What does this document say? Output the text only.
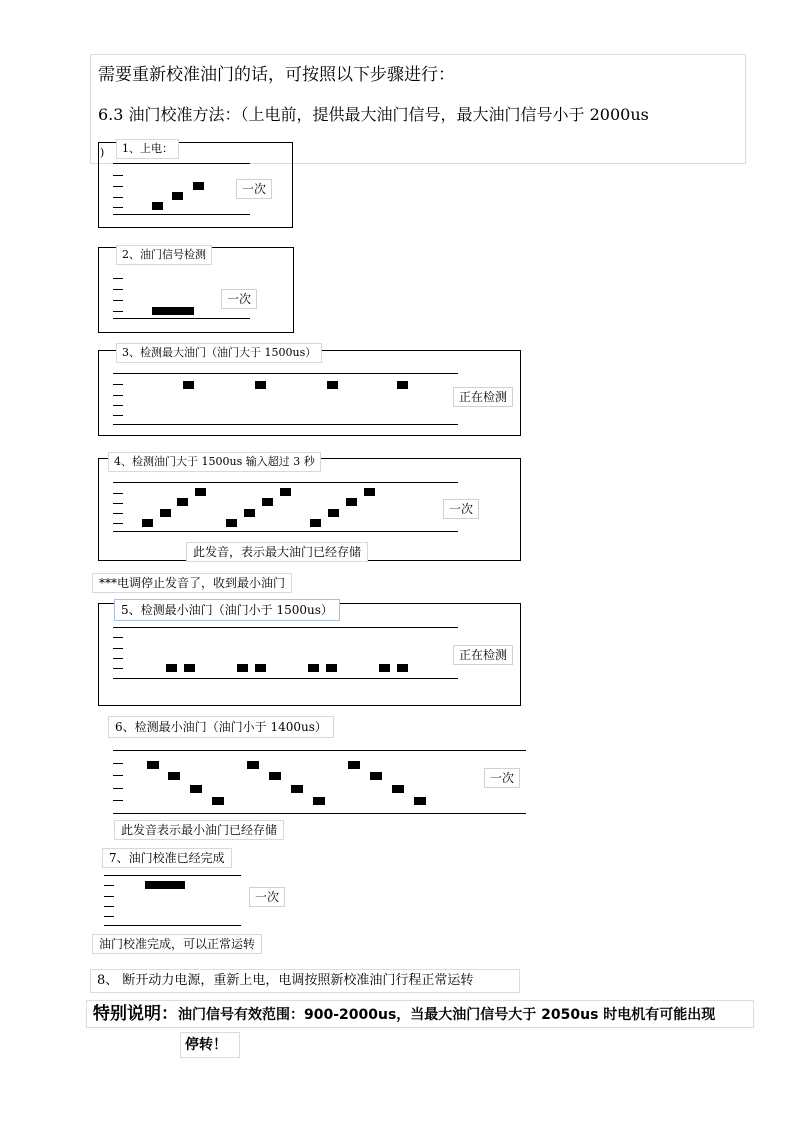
需要重新校准油门的话，可按照以下步骤进行：
6.3 油门校准方法：（上电前，提供最大油门信号，最大油门信号小于 2000us
)	1、上电：
一次
2、油门信号检测
一次
3、检测最大油门（油门大于 1500us）
正在检测
4、检测油门大于 1500us 输入超过 3 秒
一次
此发音，表示最大油门已经存储
***电调停止发音了，收到最小油门
5、检测最小油门（油门小于 1500us）
正在检测
6、检测最小油门（油门小于 1400us）
一次
此发音表示最小油门已经存储
7、油门校准已经完成
一次
油门校准完成，可以正常运转
8、 断开动力电源，重新上电，电调按照新校准油门行程正常运转
特别说明：油门信号有效范围：900-2000us，当最大油门信号大于 2050us 时电机有可能出现
停转！
